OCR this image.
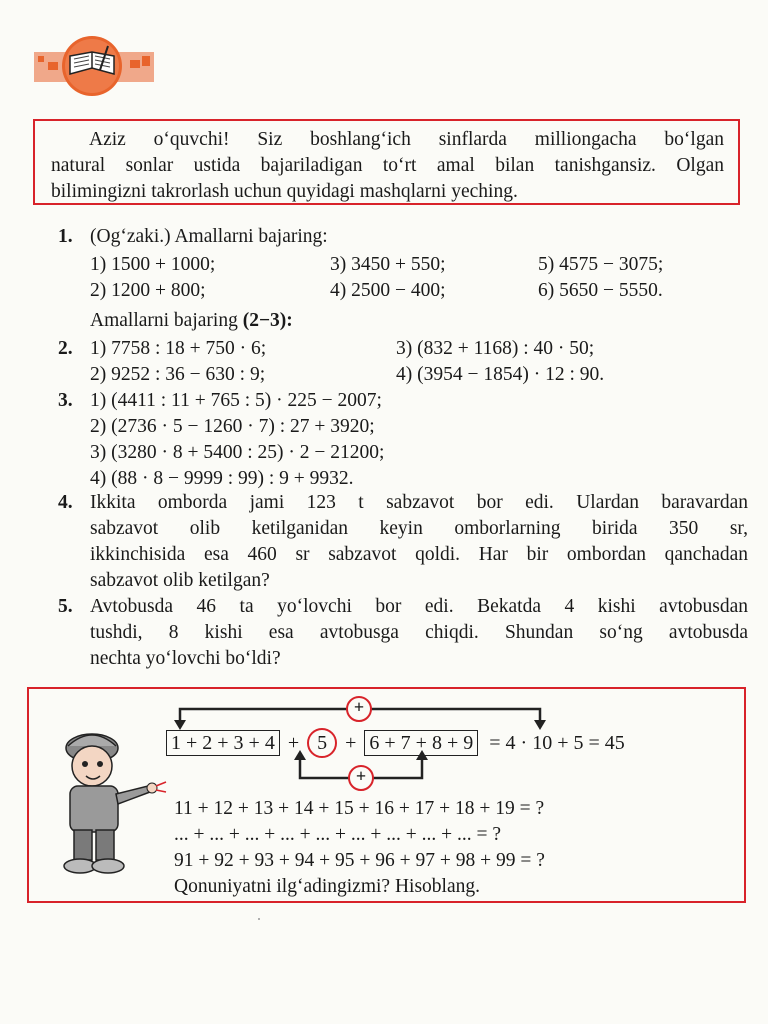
Aziz o‘quvchi! Siz boshlang‘ich sinflarda milliongacha bo‘lgan

natural sonlar ustida bajariladigan to‘rt amal bilan tanishgansiz. Olgan
bilimingizni takrorlash uchun quyidagi mashqlarni yeching.
1. (Og‘zaki.) Amallarni bajaring:
1) 1500 + 1000;	3) 3450 + 550;	5) 4575 − 3075;
2) 1200 + 800;	4) 2500 − 400;	6) 5650 − 5550.
Amallarni bajaring (2−3):
2. 1) 7758 : 18 + 750 · 6;	3) (832 + 1168) : 40 · 50;
2) 9252 : 36 − 630 : 9;	4) (3954 − 1854) · 12 : 90.
3. 1) (4411 : 11 + 765 : 5) · 225 − 2007;
2) (2736 · 5 − 1260 · 7) : 27 + 3920;
3) (3280 · 8 + 5400 : 25) · 2 − 21200;
4) (88 · 8 − 9999 : 99) : 9 + 9932.
4. Ikkita omborda jami 123 t sabzavot bor edi. Ulardan baravardan
sabzavot olib ketilganidan keyin omborlarning birida 350 sr,
ikkinchisida esa 460 sr sabzavot qoldi. Har bir ombordan qanchadan
sabzavot olib ketilgan?
5. Avtobusda 46 ta yo‘lovchi bor edi. Bekatda 4 kishi avtobusdan
tushdi, 8 kishi esa avtobusga chiqdi. Shundan so‘ng avtobusda
nechta yo‘lovchi bo‘ldi?
+
+
1 + 2 + 3 + 4 + 5 + 6 + 7 + 8 + 9 = 4 · 10 + 5 = 45
11 + 12 + 13 + 14 + 15 + 16 + 17 + 18 + 19 = ?
... + ... + ... + ... + ... + ... + ... + ... + ... = ?
91 + 92 + 93 + 94 + 95 + 96 + 97 + 98 + 99 = ?
Qonuniyatni ilg‘adingizmi? Hisoblang.
